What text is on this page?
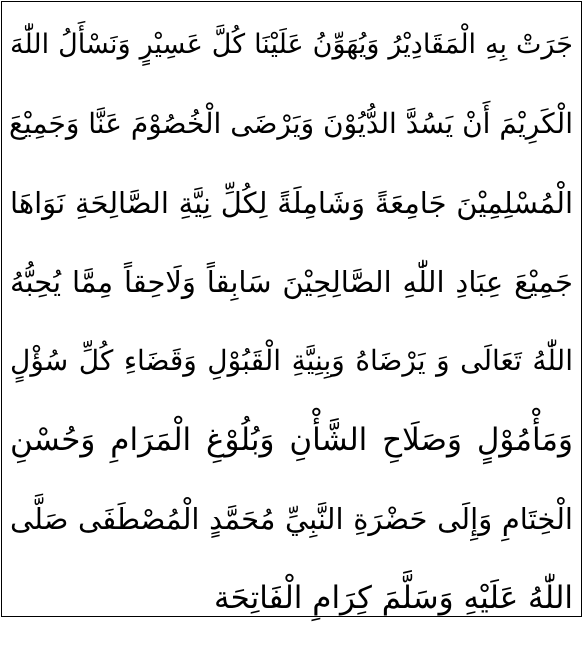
جَرَتْ بِهِ الْمَقَادِيْرُ وَيُهَوِّنُ عَلَيْنَا كُلَّ عَسِيْرٍ وَنَسْأَلُ اللّٰهَ
الْكَرِيْمَ أَنْ يَسُدَّ الدُّيُوْنَ وَيَرْضَى الْخُصُوْمَ عَنَّا وَجَمِيْعَ
الْمُسْلِمِيْنَ جَامِعَةً وَشَامِلَةً لِكُلِّ نِيَّةِ الصَّالِحَةِ نَوَاهَا
جَمِيْعَ عِبَادِ اللّٰهِ الصَّالِحِيْنَ سَابِقاً وَلَاحِقاً مِمَّا يُحِبُّهُ
اللّٰهُ تَعَالَى وَ يَرْضَاهُ وَبِنِيَّةِ الْقَبُوْلِ وَقَضَاءِ كُلِّ سُؤْلٍ
وَمَأْمُوْلٍ وَصَلَاحِ الشَّأْنِ وَبُلُوْغِ الْمَرَامِ وَحُسْنِ
الْخِتَامِ وَإِلَى حَضْرَةِ النَّبِيِّ مُحَمَّدٍ الْمُصْطَفَى صَلَّى
اللّٰهُ عَلَيْهِ وَسَلَّمَ كِرَامِ الْفَاتِحَة
